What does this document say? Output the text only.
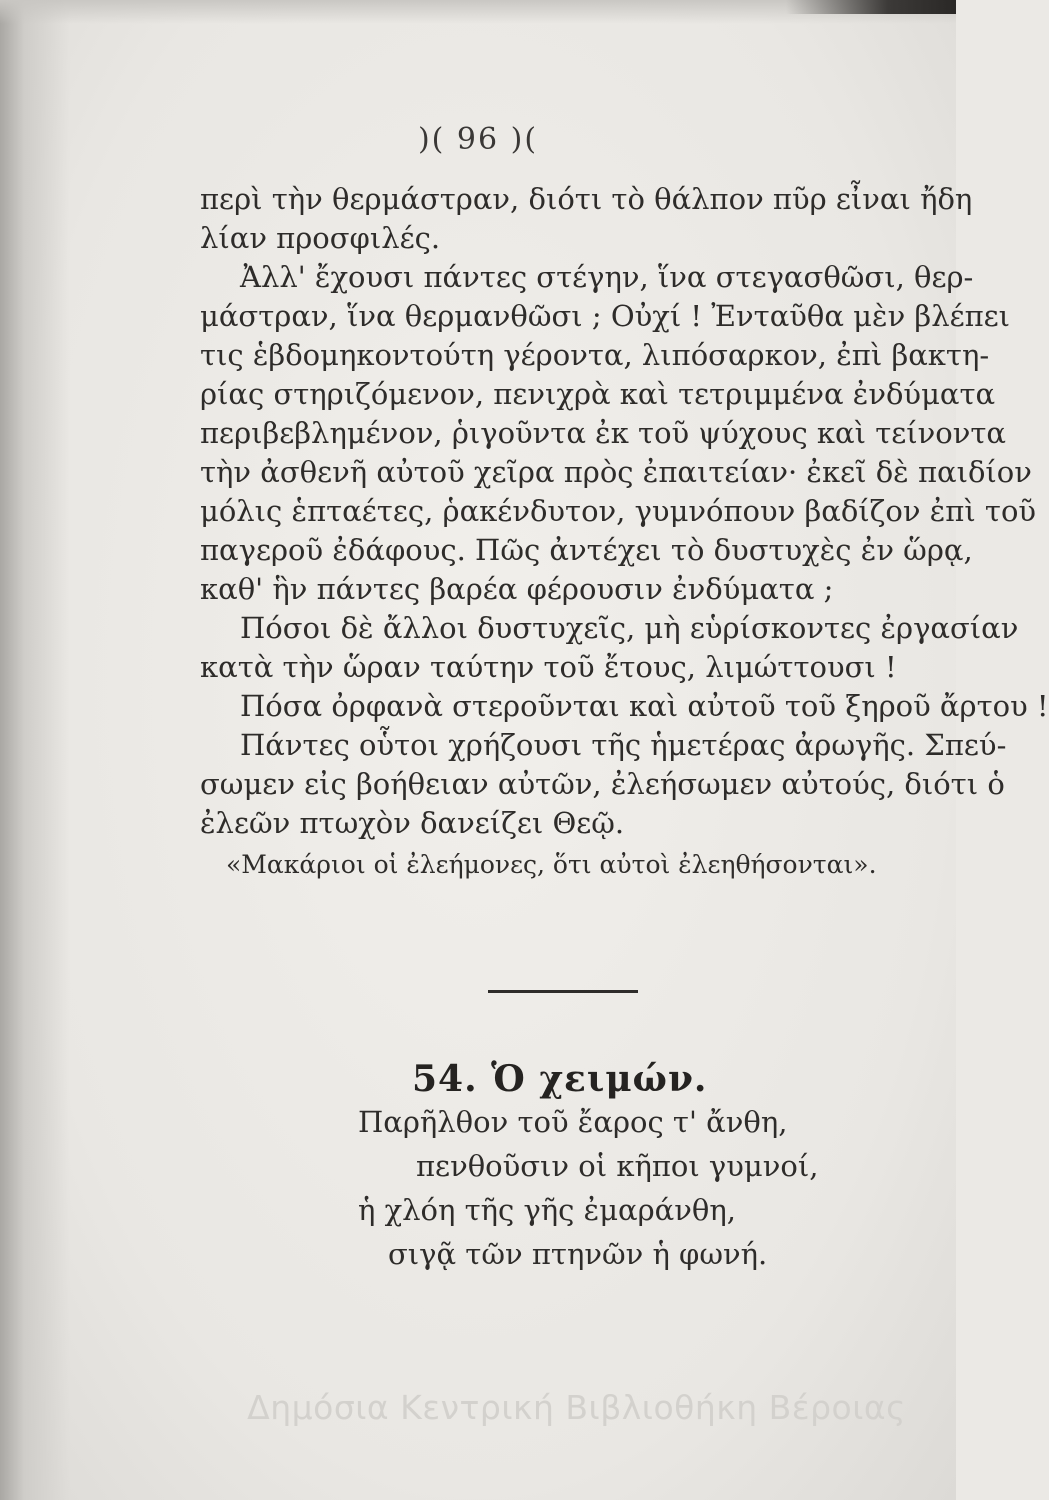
)( 96 )(
περὶ τὴν θερμάστραν, διότι τὸ θάλπον πῦρ εἶναι ἤδη
λίαν προσφιλές.
Ἀλλ' ἔχουσι πάντες στέγην, ἵνα στεγασθῶσι, θερ-
μάστραν, ἵνα θερμανθῶσι ; Οὐχί ! Ἐνταῦθα μὲν βλέπει
τις ἑβδομηκοντούτη γέροντα, λιπόσαρκον, ἐπὶ βακτη-
ρίας στηριζόμενον, πενιχρὰ καὶ τετριμμένα ἐνδύματα
περιβεβλημένον, ῥιγοῦντα ἐκ τοῦ ψύχους καὶ τείνοντα
τὴν ἀσθενῆ αὐτοῦ χεῖρα πρὸς ἐπαιτείαν· ἐκεῖ δὲ παιδίον
μόλις ἑπταέτες, ῥακένδυτον, γυμνόπουν βαδίζον ἐπὶ τοῦ
παγεροῦ ἐδάφους. Πῶς ἀντέχει τὸ δυστυχὲς ἐν ὥρᾳ,
καθ' ἣν πάντες βαρέα φέρουσιν ἐνδύματα ;
Πόσοι δὲ ἄλλοι δυστυχεῖς, μὴ εὑρίσκοντες ἐργασίαν
κατὰ τὴν ὥραν ταύτην τοῦ ἔτους, λιμώττουσι !
Πόσα ὀρφανὰ στεροῦνται καὶ αὐτοῦ τοῦ ξηροῦ ἄρτου !
Πάντες οὗτοι χρήζουσι τῆς ἡμετέρας ἀρωγῆς. Σπεύ-
σωμεν εἰς βοήθειαν αὐτῶν, ἐλεήσωμεν αὐτούς, διότι ὁ
ἐλεῶν πτωχὸν δανείζει Θεῷ.
«Μακάριοι οἱ ἐλεήμονες, ὅτι αὐτοὶ ἐλεηθήσονται».
54. Ὁ χειμών.
Παρῆλθον τοῦ ἔαρος τ' ἄνθη,
πενθοῦσιν οἱ κῆποι γυμνοί,
ἡ χλόη τῆς γῆς ἐμαράνθη,
σιγᾷ τῶν πτηνῶν ἡ φωνή.
Δημόσια Κεντρική Βιβλιοθήκη Βέροιας
